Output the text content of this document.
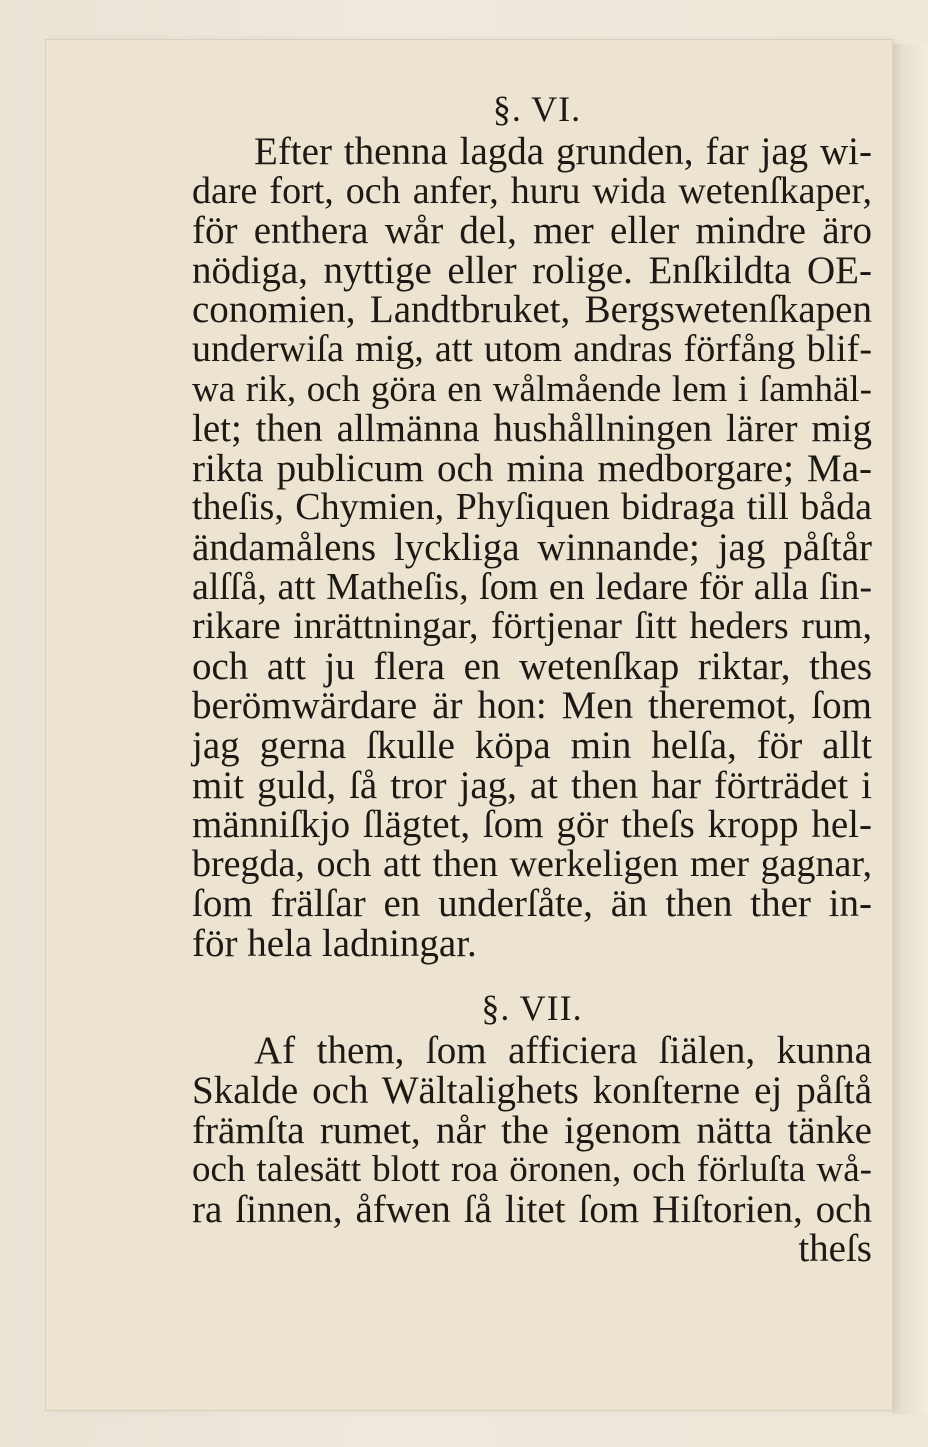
§. VI.
Efter thenna lagda grunden, far jag wi-
dare fort, och anfer, huru wida wetenſkaper,
för enthera wår del, mer eller mindre äro
nödiga, nyttige eller rolige. Enſkildta OE-
conomien, Landtbruket, Bergswetenſkapen
underwiſa mig, att utom andras förfång blif-
wa rik, och göra en wålmående lem i ſamhäl-
let; then allmänna hushållningen lärer mig
rikta publicum och mina medborgare; Ma-
theſis, Chymien, Phyſiquen bidraga till båda
ändamålens lyckliga winnande; jag påſtår
alſſå, att Matheſis, ſom en ledare för alla ſin-
rikare inrättningar, förtjenar ſitt heders rum,
och att ju flera en wetenſkap riktar, thes
berömwärdare är hon: Men theremot, ſom
jag gerna ſkulle köpa min helſa, för allt
mit guld, ſå tror jag, at then har förträdet i
männiſkjo ſlägtet, ſom gör theſs kropp hel-
bregda, och att then werkeligen mer gagnar,
ſom frälſar en underſåte, än then ther in-
för hela ladningar.
§. VII.
Af them, ſom afficiera ſiälen, kunna
Skalde och Wältalighets konſterne ej påſtå
främſta rumet, når the igenom nätta tänke
och talesätt blott roa öronen, och förluſta wå-
ra ſinnen, åfwen ſå litet ſom Hiſtorien, och
theſs
